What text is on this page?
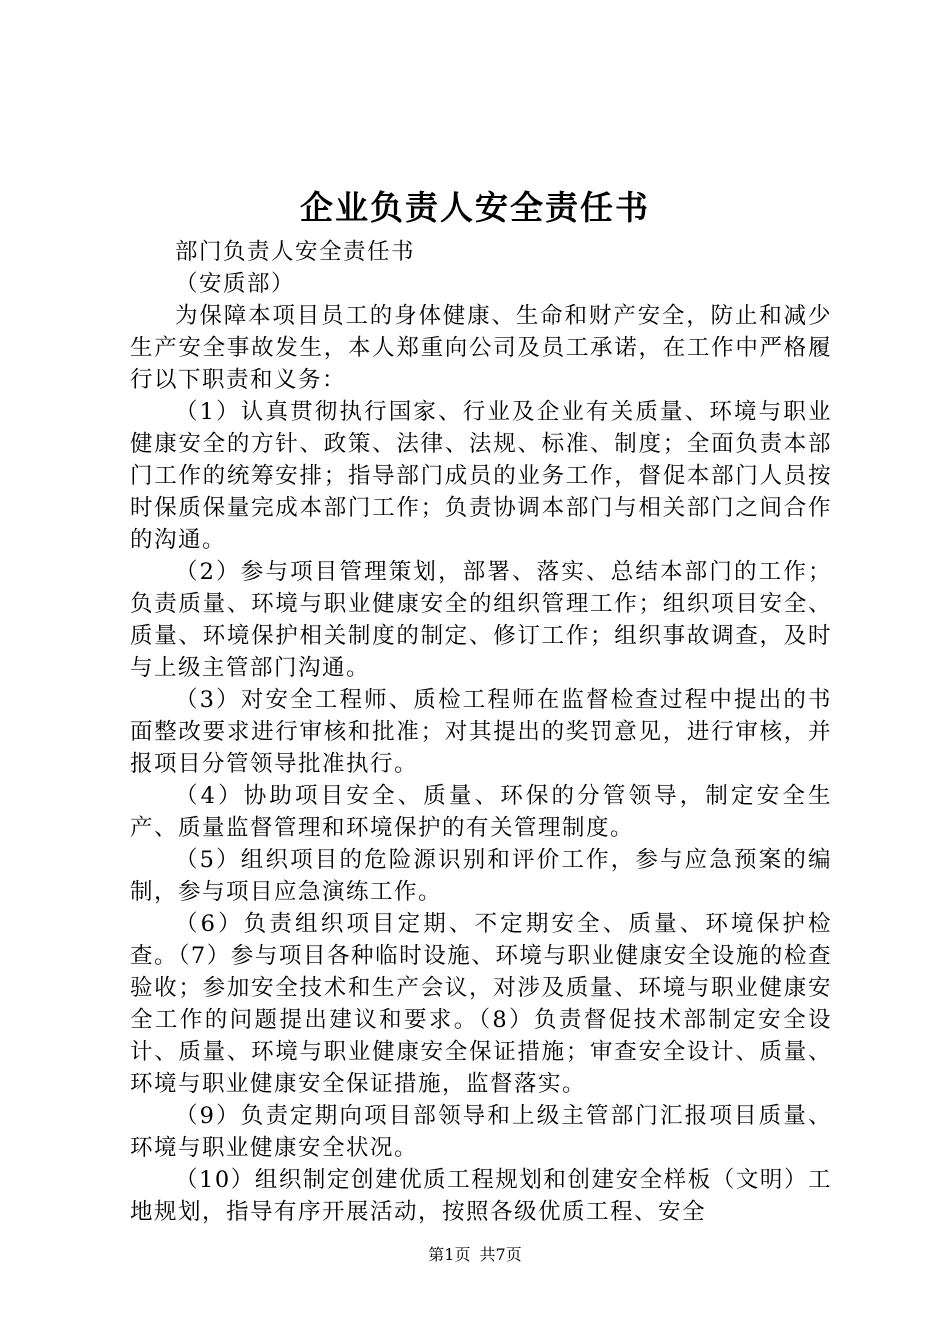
企业负责人安全责任书

部门负责人安全责任书

（安质部）

为保障本项目员工的身体健康、生命和财产安全，防止和减少生产安全事故发生，本人郑重向公司及员工承诺，在工作中严格履行以下职责和义务：

（1）认真贯彻执行国家、行业及企业有关质量、环境与职业健康安全的方针、政策、法律、法规、标准、制度；全面负责本部门工作的统筹安排；指导部门成员的业务工作，督促本部门人员按时保质保量完成本部门工作；负责协调本部门与相关部门之间合作的沟通。

（2）参与项目管理策划，部署、落实、总结本部门的工作；负责质量、环境与职业健康安全的组织管理工作；组织项目安全、质量、环境保护相关制度的制定、修订工作；组织事故调查，及时与上级主管部门沟通。

（3）对安全工程师、质检工程师在监督检查过程中提出的书面整改要求进行审核和批准；对其提出的奖罚意见，进行审核，并报项目分管领导批准执行。

（4）协助项目安全、质量、环保的分管领导，制定安全生产、质量监督管理和环境保护的有关管理制度。

（5）组织项目的危险源识别和评价工作，参与应急预案的编制，参与项目应急演练工作。

（6）负责组织项目定期、不定期安全、质量、环境保护检查。（7）参与项目各种临时设施、环境与职业健康安全设施的检查验收；参加安全技术和生产会议，对涉及质量、环境与职业健康安全工作的问题提出建议和要求。（8）负责督促技术部制定安全设计、质量、环境与职业健康安全保证措施；审查安全设计、质量、环境与职业健康安全保证措施，监督落实。

（9）负责定期向项目部领导和上级主管部门汇报项目质量、环境与职业健康安全状况。

（10）组织制定创建优质工程规划和创建安全样板（文明）工地规划，指导有序开展活动，按照各级优质工程、安全

第1页 共7页
